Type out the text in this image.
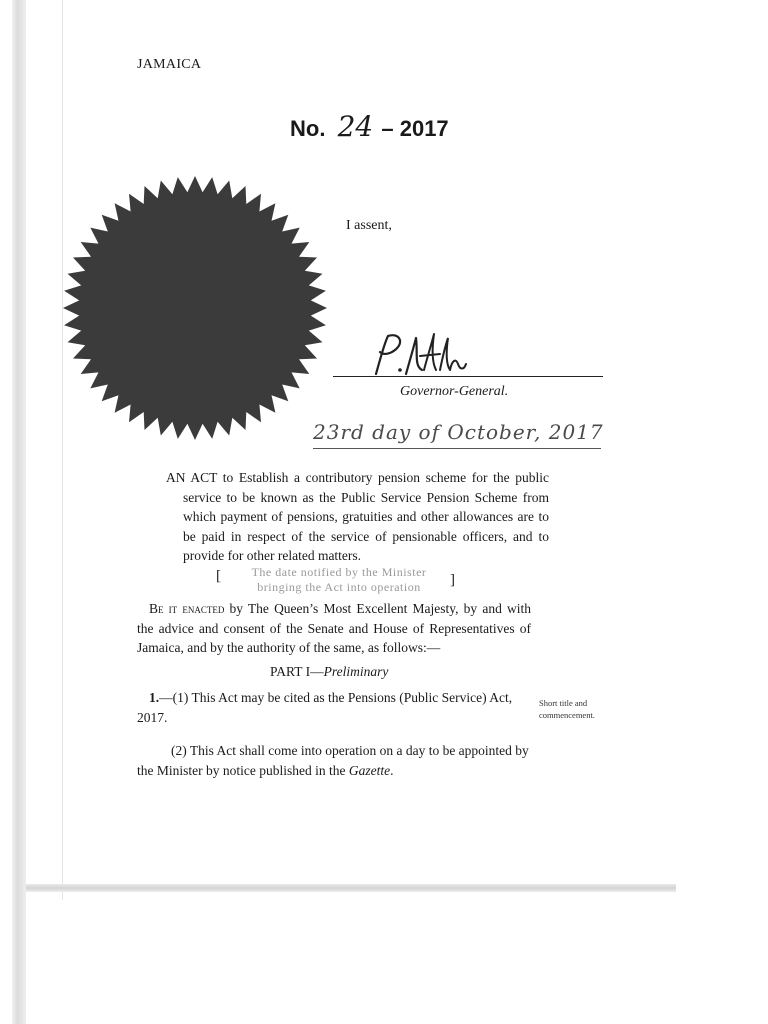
JAMAICA
No. 24 – 2017
I assent,
Governor-General.
23rd day of October, 2017
AN ACT to Establish a contributory pension scheme for the public service to be known as the Public Service Pension Scheme from which payment of pensions, gratuities and other allowances are to be paid in respect of the service of pensionable officers, and to provide for other related matters.
[	The date notified by the Minister
bringing the Act into operation	]
Be it enacted by The Queen’s Most Excellent Majesty, by and with the advice and consent of the Senate and House of Representatives of Jamaica, and by the authority of the same, as follows:—
PART I—Preliminary
1.—(1) This Act may be cited as the Pensions (Public Service) Act, 2017.
(2) This Act shall come into operation on a day to be appointed by the Minister by notice published in the Gazette.
Short title and commencement.
